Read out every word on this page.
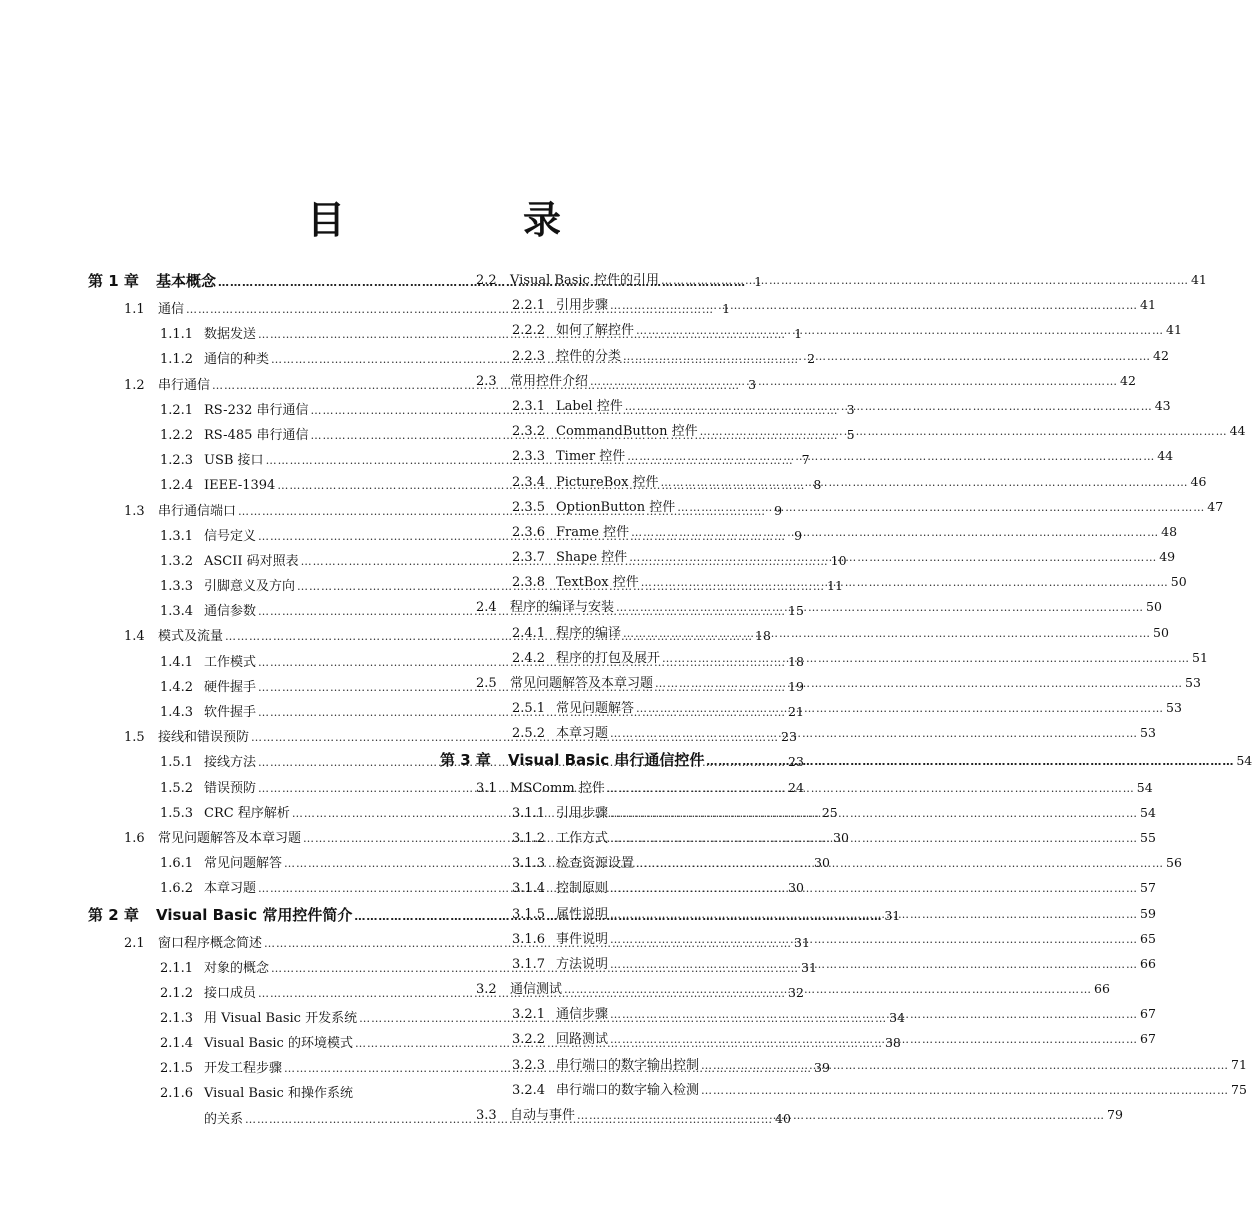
目　录
第 1 章	基本概念 ……………………………………………………………………………………………………………………	1
1.1	通信 ……………………………………………………………………………………………………………………	1
1.1.1 数据发送 ……………………………………………………………………………………………………………………	1
1.1.2 通信的种类 ……………………………………………………………………………………………………………………	2
1.2	串行通信 ……………………………………………………………………………………………………………………	3
1.2.1 RS-232 串行通信 ……………………………………………………………………………………………………………………	3
1.2.2 RS-485 串行通信 ……………………………………………………………………………………………………………………	5
1.2.3 USB 接口 ……………………………………………………………………………………………………………………	7
1.2.4 IEEE-1394 ……………………………………………………………………………………………………………………	8
1.3	串行通信端口 ……………………………………………………………………………………………………………………	9
1.3.1 信号定义 ……………………………………………………………………………………………………………………	9
1.3.2 ASCII 码对照表 ……………………………………………………………………………………………………………………	10
1.3.3 引脚意义及方向 ……………………………………………………………………………………………………………………	11
1.3.4 通信参数 ……………………………………………………………………………………………………………………	15
1.4	模式及流量 ……………………………………………………………………………………………………………………	18
1.4.1 工作模式 ……………………………………………………………………………………………………………………	18
1.4.2 硬件握手 ……………………………………………………………………………………………………………………	19
1.4.3 软件握手 ……………………………………………………………………………………………………………………	21
1.5	接线和错误预防 ……………………………………………………………………………………………………………………	23
1.5.1 接线方法 ……………………………………………………………………………………………………………………	23
1.5.2 错误预防 ……………………………………………………………………………………………………………………	24
1.5.3 CRC 程序解析 ……………………………………………………………………………………………………………………	25
1.6	常见问题解答及本章习题 ……………………………………………………………………………………………………………………	30
1.6.1 常见问题解答 ……………………………………………………………………………………………………………………	30
1.6.2 本章习题 ……………………………………………………………………………………………………………………	30
第 2 章	Visual Basic 常用控件简介 ……………………………………………………………………………………………………………………	31
2.1	窗口程序概念简述 ……………………………………………………………………………………………………………………	31
2.1.1 对象的概念 ……………………………………………………………………………………………………………………	31
2.1.2 接口成员 ……………………………………………………………………………………………………………………	32
2.1.3 用 Visual Basic 开发系统 ……………………………………………………………………………………………………………………	34
2.1.4 Visual Basic 的环境模式 ……………………………………………………………………………………………………………………	38
2.1.5 开发工程步骤 ……………………………………………………………………………………………………………………	39
2.1.6 Visual Basic 和操作系统
的关系 ……………………………………………………………………………………………………………………	40
2.2	Visual Basic 控件的引用 ……………………………………………………………………………………………………………………	41
2.2.1 引用步骤 ……………………………………………………………………………………………………………………	41
2.2.2 如何了解控件 ……………………………………………………………………………………………………………………	41
2.2.3 控件的分类 ……………………………………………………………………………………………………………………	42
2.3	常用控件介绍 ……………………………………………………………………………………………………………………	42
2.3.1 Label 控件 ……………………………………………………………………………………………………………………	43
2.3.2 CommandButton 控件 ……………………………………………………………………………………………………………………	44
2.3.3 Timer 控件 ……………………………………………………………………………………………………………………	44
2.3.4 PictureBox 控件 ……………………………………………………………………………………………………………………	46
2.3.5 OptionButton 控件 ……………………………………………………………………………………………………………………	47
2.3.6 Frame 控件 ……………………………………………………………………………………………………………………	48
2.3.7 Shape 控件 ……………………………………………………………………………………………………………………	49
2.3.8 TextBox 控件 ……………………………………………………………………………………………………………………	50
2.4	程序的编译与安装 ……………………………………………………………………………………………………………………	50
2.4.1 程序的编译 ……………………………………………………………………………………………………………………	50
2.4.2 程序的打包及展开 ……………………………………………………………………………………………………………………	51
2.5	常见问题解答及本章习题 ……………………………………………………………………………………………………………………	53
2.5.1 常见问题解答 ……………………………………………………………………………………………………………………	53
2.5.2 本章习题 ……………………………………………………………………………………………………………………	53
第 3 章	Visual Basic 串行通信控件 ……………………………………………………………………………………………………………………	54
3.1	MSComm 控件 ……………………………………………………………………………………………………………………	54
3.1.1 引用步骤 ……………………………………………………………………………………………………………………	54
3.1.2 工作方式 ……………………………………………………………………………………………………………………	55
3.1.3 检查资源设置 ……………………………………………………………………………………………………………………	56
3.1.4 控制原则 ……………………………………………………………………………………………………………………	57
3.1.5 属性说明 ……………………………………………………………………………………………………………………	59
3.1.6 事件说明 ……………………………………………………………………………………………………………………	65
3.1.7 方法说明 ……………………………………………………………………………………………………………………	66
3.2	通信测试 ……………………………………………………………………………………………………………………	66
3.2.1 通信步骤 ……………………………………………………………………………………………………………………	67
3.2.2 回路测试 ……………………………………………………………………………………………………………………	67
3.2.3 串行端口的数字输出控制 ……………………………………………………………………………………………………………………	71
3.2.4 串行端口的数字输入检测 ……………………………………………………………………………………………………………………	75
3.3	自动与事件 ……………………………………………………………………………………………………………………	79
